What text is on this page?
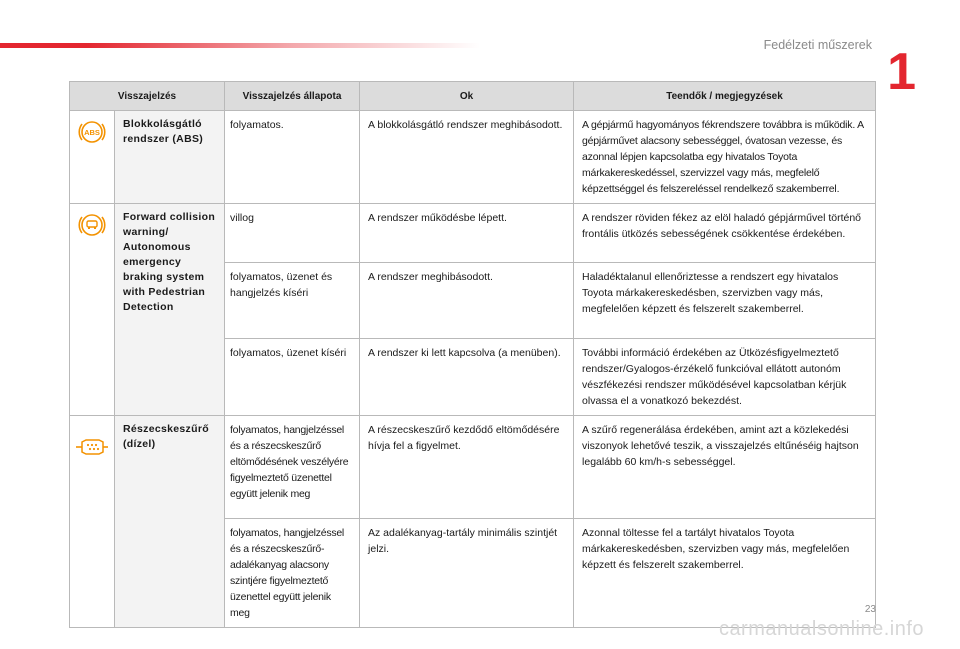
Fedélzeti műszerek 1
Visszajelzés		Visszajelzés állapota	Ok	Teendők / megjegyzések

ABS	Blokkolásgátló rendszer (ABS)	folyamatos.	A blokkolásgátló rendszer meghibásodott.	A gépjármű hagyományos fékrendszere továbbra is működik. A gépjárművet alacsony sebességgel, óvatosan vezesse, és azonnal lépjen kapcsolatba egy hivatalos Toyota márkakereskedéssel, szervizzel vagy más, megfelelő képzettséggel és felszereléssel rendelkező szakemberrel.
	Forward collision warning/ Autonomous emergency braking system with Pedestrian Detection	villog	A rendszer működésbe lépett.	A rendszer röviden fékez az elöl haladó gépjárművel történő frontális ütközés sebességének csökkentése érdekében.
		folyamatos, üzenet és hangjelzés kíséri	A rendszer meghibásodott.	Haladéktalanul ellenőriztesse a rendszert egy hivatalos Toyota márkakereskedésben, szervizben vagy más, megfelelően képzett és felszerelt szakemberrel.
		folyamatos, üzenet kíséri	A rendszer ki lett kapcsolva (a menüben).	További információ érdekében az Ütközésfigyelmeztető rendszer/Gyalogos-érzékelő funkcióval ellátott autonóm vészfékezési rendszer működésével kapcsolatban kérjük olvassa el a vonatkozó bekezdést.
	Részecskeszűrő (dízel)	folyamatos, hangjelzéssel és a részecskeszűrő eltömődésének veszélyére figyelmeztető üzenettel együtt jelenik meg	A részecskeszűrő kezdődő eltömődésére hívja fel a figyelmet.	A szűrő regenerálása érdekében, amint azt a közlekedési viszonyok lehetővé teszik, a visszajelzés eltűnéséig hajtson legalább 60 km/h-s sebességgel.
		folyamatos, hangjelzéssel és a részecskeszűrő-adalékanyag alacsony szintjére figyelmeztető üzenettel együtt jelenik meg	Az adalékanyag-tartály minimális szintjét jelzi.	Azonnal töltesse fel a tartályt hivatalos Toyota márkakereskedésben, szervizben vagy más, megfelelően képzett és felszerelt szakemberrel.
23
carmanualsonline.info
